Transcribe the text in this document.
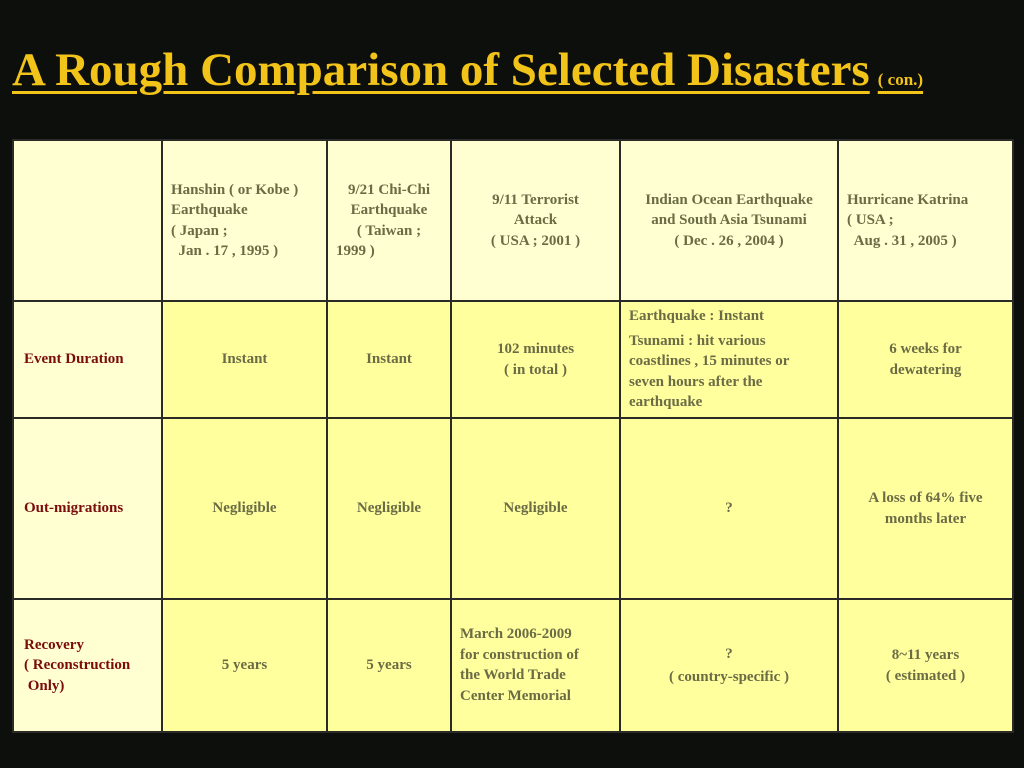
A Rough Comparison of Selected Disasters ( con.)

	Hanshin ( or Kobe )
Earthquake
( Japan ;
Jan . 17 , 1995 )	9/21 Chi-Chi
Earthquake
( Taiwan ;
1999 )	9/11 Terrorist
Attack
( USA ; 2001 )	Indian Ocean Earthquake
and South Asia Tsunami
( Dec . 26 , 2004 )	Hurricane Katrina
( USA ;
Aug . 31 , 2005 )

Event Duration	Instant	Instant	102 minutes
( in total )	Earthquake : Instant
Tsunami : hit various
coastlines , 15 minutes or
seven hours after the
earthquake	6 weeks for
dewatering

Out-migrations	Negligible	Negligible	Negligible	?	A loss of 64% five
months later

Recovery
( Reconstruction
Only)	5 years	5 years	March 2006-2009
for construction of
the World Trade
Center Memorial	?
( country-specific )	8~11 years
( estimated )
